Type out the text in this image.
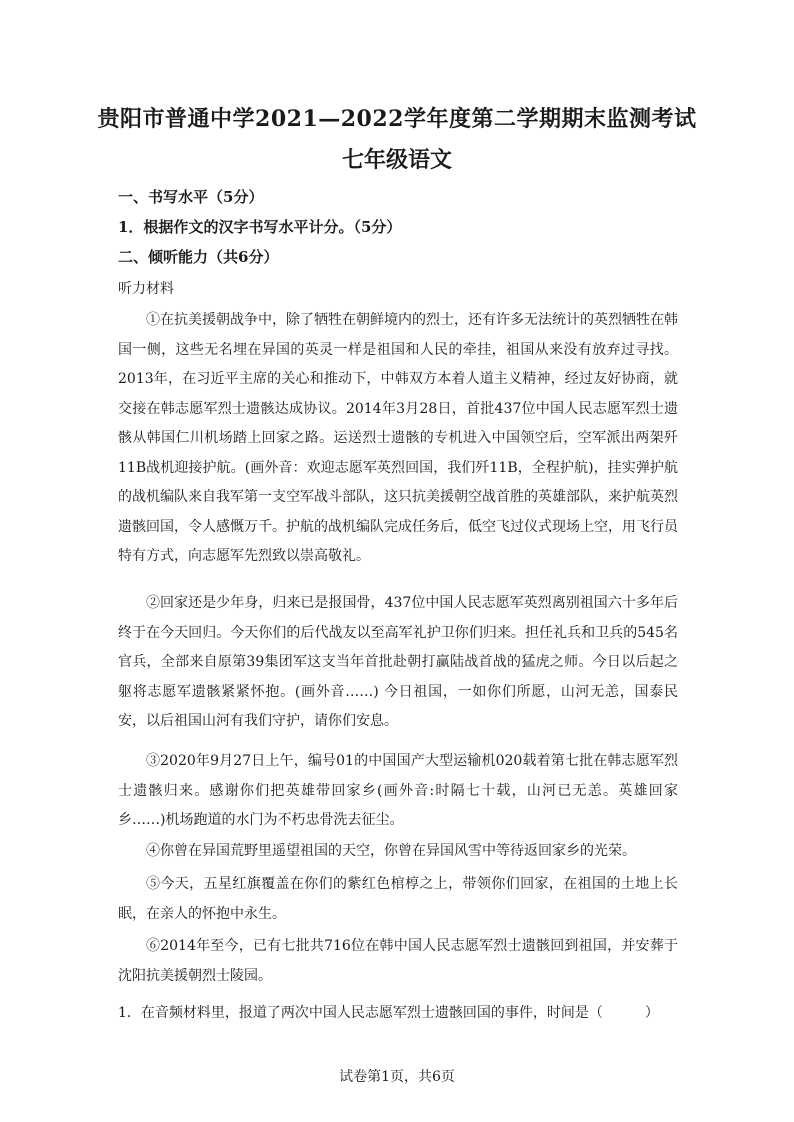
贵阳市普通中学2021—2022学年度第二学期期末监测考试
七年级语文
一、书写水平（5分）
1．根据作文的汉字书写水平计分。（5分）
二、倾听能力（共6分）
听力材料
①在抗美援朝战争中，除了牺牲在朝鲜境内的烈士，还有许多无法统计的英烈牺牲在韩国一侧，这些无名埋在异国的英灵一样是祖国和人民的牵挂，祖国从来没有放弃过寻找。2013年，在习近平主席的关心和推动下，中韩双方本着人道主义精神，经过友好协商，就交接在韩志愿军烈士遗骸达成协议。2014年3月28日，首批437位中国人民志愿军烈士遗骸从韩国仁川机场踏上回家之路。运送烈士遗骸的专机进入中国领空后，空军派出两架歼11B战机迎接护航。(画外音：欢迎志愿军英烈回国，我们歼11B，全程护航)，挂实弹护航的战机编队来自我军第一支空军战斗部队，这只抗美援朝空战首胜的英雄部队，来护航英烈遗骸回国，令人感慨万千。护航的战机编队完成任务后，低空飞过仪式现场上空，用飞行员特有方式，向志愿军先烈致以崇高敬礼。
②回家还是少年身，归来已是报国骨，437位中国人民志愿军英烈离别祖国六十多年后终于在今天回归。今天你们的后代战友以至高军礼护卫你们归来。担任礼兵和卫兵的545名官兵，全部来自原第39集团军这支当年首批赴朝打赢陆战首战的猛虎之师。今日以后起之躯将志愿军遗骸紧紧怀抱。(画外音……) 今日祖国，一如你们所愿，山河无恙，国泰民安，以后祖国山河有我们守护，请你们安息。
③2020年9月27日上午，编号01的中国国产大型运输机020载着第七批在韩志愿军烈士遗骸归来。感谢你们把英雄带回家乡(画外音:时隔七十载，山河已无恙。英雄回家乡……)机场跑道的水门为不朽忠骨洗去征尘。
④你曾在异国荒野里遥望祖国的天空，你曾在异国风雪中等待返回家乡的光荣。
⑤今天，五星红旗覆盖在你们的紫红色棺椁之上，带领你们回家，在祖国的土地上长眠，在亲人的怀抱中永生。
⑥2014年至今，已有七批共716位在韩中国人民志愿军烈士遗骸回到祖国，并安葬于沈阳抗美援朝烈士陵园。
1．在音频材料里，报道了两次中国人民志愿军烈士遗骸回国的事件，时间是（　　　）
试卷第1页，共6页
